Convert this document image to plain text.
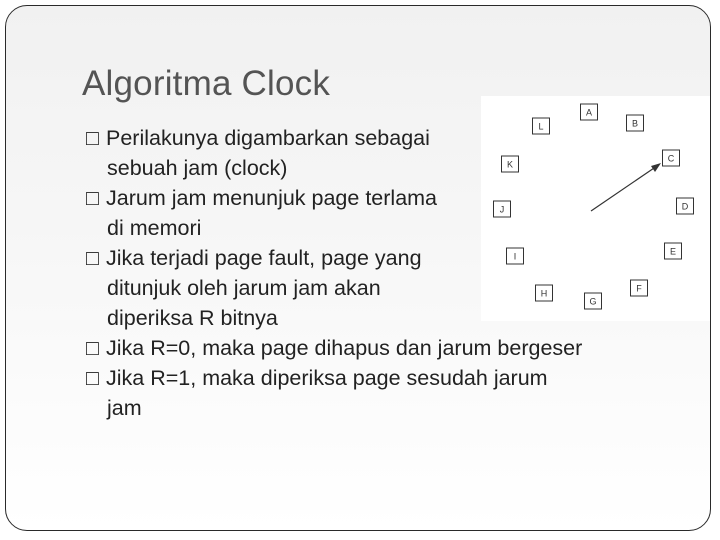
Algoritma Clock
□ Perilakunya digambarkan sebagai
sebuah jam (clock)
□ Jarum jam menunjuk page terlama
di memori
□ Jika terjadi page fault, page yang
ditunjuk oleh jarum jam akan
diperiksa R bitnya
□ Jika R=0, maka page dihapus dan jarum bergeser
□ Jika R=1, maka diperiksa page sesudah jarum
jam
A
B
C
D
E
F
G
H
I
J
K
L
